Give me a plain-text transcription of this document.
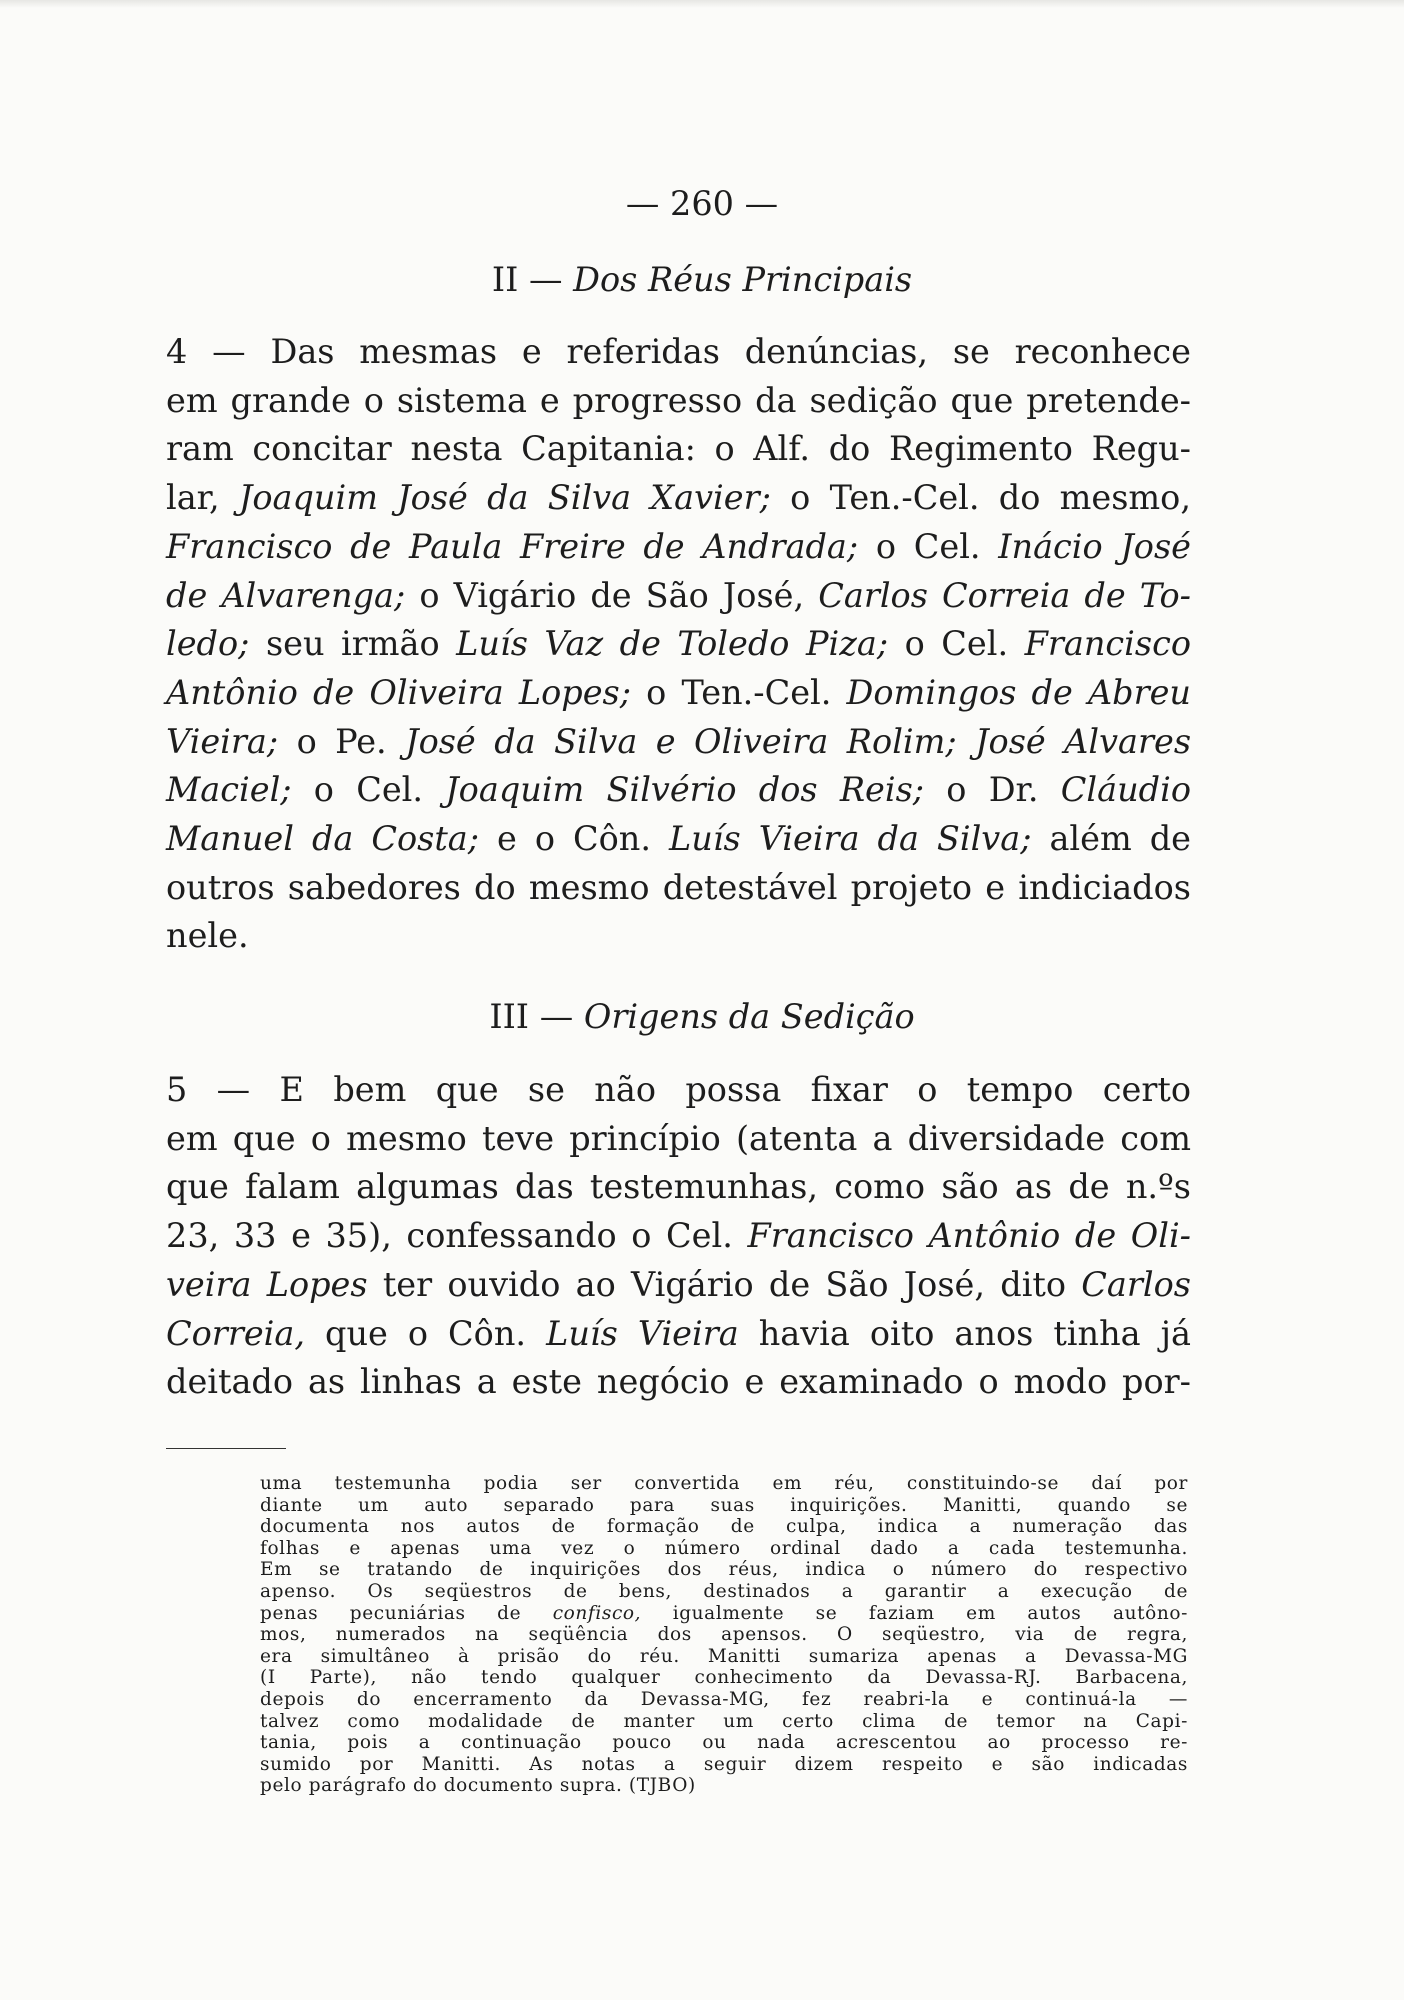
— 260 —
II — Dos Réus Principais
4 — Das mesmas e referidas denúncias, se reconhece
em grande o sistema e progresso da sedição que pretende-
ram concitar nesta Capitania: o Alf. do Regimento Regu-
lar, Joaquim José da Silva Xavier; o Ten.-Cel. do mesmo,
Francisco de Paula Freire de Andrada; o Cel. Inácio José
de Alvarenga; o Vigário de São José, Carlos Correia de To-
ledo; seu irmão Luís Vaz de Toledo Piza; o Cel. Francisco
Antônio de Oliveira Lopes; o Ten.-Cel. Domingos de Abreu
Vieira; o Pe. José da Silva e Oliveira Rolim; José Alvares
Maciel; o Cel. Joaquim Silvério dos Reis; o Dr. Cláudio
Manuel da Costa; e o Côn. Luís Vieira da Silva; além de
outros sabedores do mesmo detestável projeto e indiciados
nele.
III — Origens da Sedição
5 — E bem que se não possa fixar o tempo certo
em que o mesmo teve princípio (atenta a diversidade com
que falam algumas das testemunhas, como são as de n.ºs
23, 33 e 35), confessando o Cel. Francisco Antônio de Oli-
veira Lopes ter ouvido ao Vigário de São José, dito Carlos
Correia, que o Côn. Luís Vieira havia oito anos tinha já
deitado as linhas a este negócio e examinado o modo por-
uma testemunha podia ser convertida em réu, constituindo-se daí por
diante um auto separado para suas inquirições. Manitti, quando se
documenta nos autos de formação de culpa, indica a numeração das
folhas e apenas uma vez o número ordinal dado a cada testemunha.
Em se tratando de inquirições dos réus, indica o número do respectivo
apenso. Os seqüestros de bens, destinados a garantir a execução de
penas pecuniárias de confisco, igualmente se faziam em autos autôno-
mos, numerados na seqüência dos apensos. O seqüestro, via de regra,
era simultâneo à prisão do réu. Manitti sumariza apenas a Devassa-MG
(I Parte), não tendo qualquer conhecimento da Devassa-RJ. Barbacena,
depois do encerramento da Devassa-MG, fez reabri-la e continuá-la —
talvez como modalidade de manter um certo clima de temor na Capi-
tania, pois a continuação pouco ou nada acrescentou ao processo re-
sumido por Manitti. As notas a seguir dizem respeito e são indicadas
pelo parágrafo do documento supra. (TJBO)
